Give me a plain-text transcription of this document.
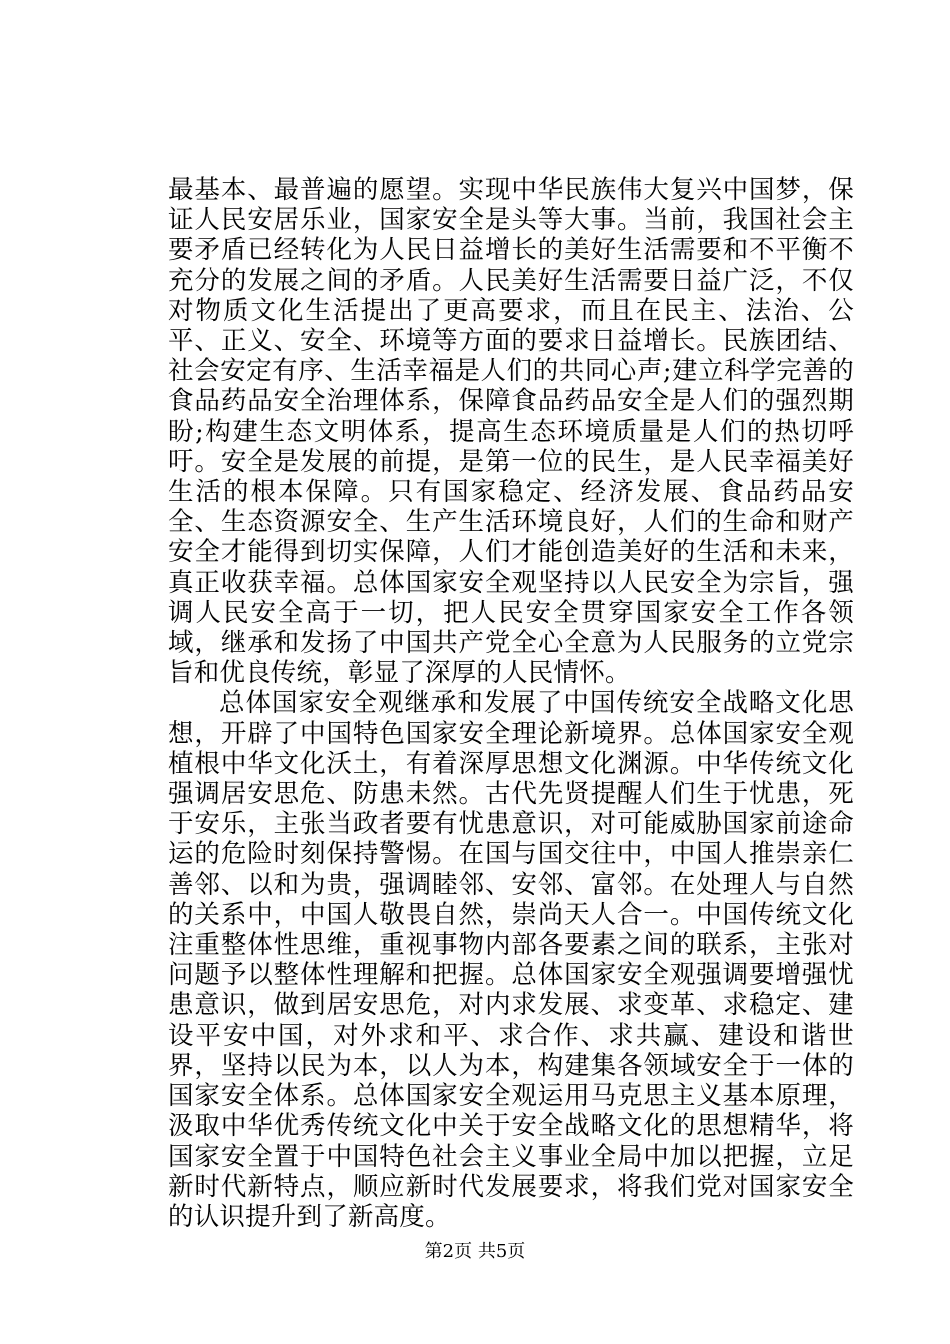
最基本、最普遍的愿望。实现中华民族伟大复兴中国梦，保证人民安居乐业，国家安全是头等大事。当前，我国社会主要矛盾已经转化为人民日益增长的美好生活需要和不平衡不充分的发展之间的矛盾。人民美好生活需要日益广泛，不仅对物质文化生活提出了更高要求，而且在民主、法治、公平、正义、安全、环境等方面的要求日益增长。民族团结、社会安定有序、生活幸福是人们的共同心声;建立科学完善的食品药品安全治理体系，保障食品药品安全是人们的强烈期盼;构建生态文明体系，提高生态环境质量是人们的热切呼吁。安全是发展的前提，是第一位的民生，是人民幸福美好生活的根本保障。只有国家稳定、经济发展、食品药品安全、生态资源安全、生产生活环境良好，人们的生命和财产安全才能得到切实保障，人们才能创造美好的生活和未来，真正收获幸福。总体国家安全观坚持以人民安全为宗旨，强调人民安全高于一切，把人民安全贯穿国家安全工作各领域，继承和发扬了中国共产党全心全意为人民服务的立党宗旨和优良传统，彰显了深厚的人民情怀。

总体国家安全观继承和发展了中国传统安全战略文化思想，开辟了中国特色国家安全理论新境界。总体国家安全观植根中华文化沃土，有着深厚思想文化渊源。中华传统文化强调居安思危、防患未然。古代先贤提醒人们生于忧患，死于安乐，主张当政者要有忧患意识，对可能威胁国家前途命运的危险时刻保持警惕。在国与国交往中，中国人推崇亲仁善邻、以和为贵，强调睦邻、安邻、富邻。在处理人与自然的关系中，中国人敬畏自然，崇尚天人合一。中国传统文化注重整体性思维，重视事物内部各要素之间的联系，主张对问题予以整体性理解和把握。总体国家安全观强调要增强忧患意识，做到居安思危，对内求发展、求变革、求稳定、建设平安中国，对外求和平、求合作、求共赢、建设和谐世界，坚持以民为本，以人为本，构建集各领域安全于一体的国家安全体系。总体国家安全观运用马克思主义基本原理，汲取中华优秀传统文化中关于安全战略文化的思想精华，将国家安全置于中国特色社会主义事业全局中加以把握，立足新时代新特点，顺应新时代发展要求，将我们党对国家安全的认识提升到了新高度。

第2页 共5页
